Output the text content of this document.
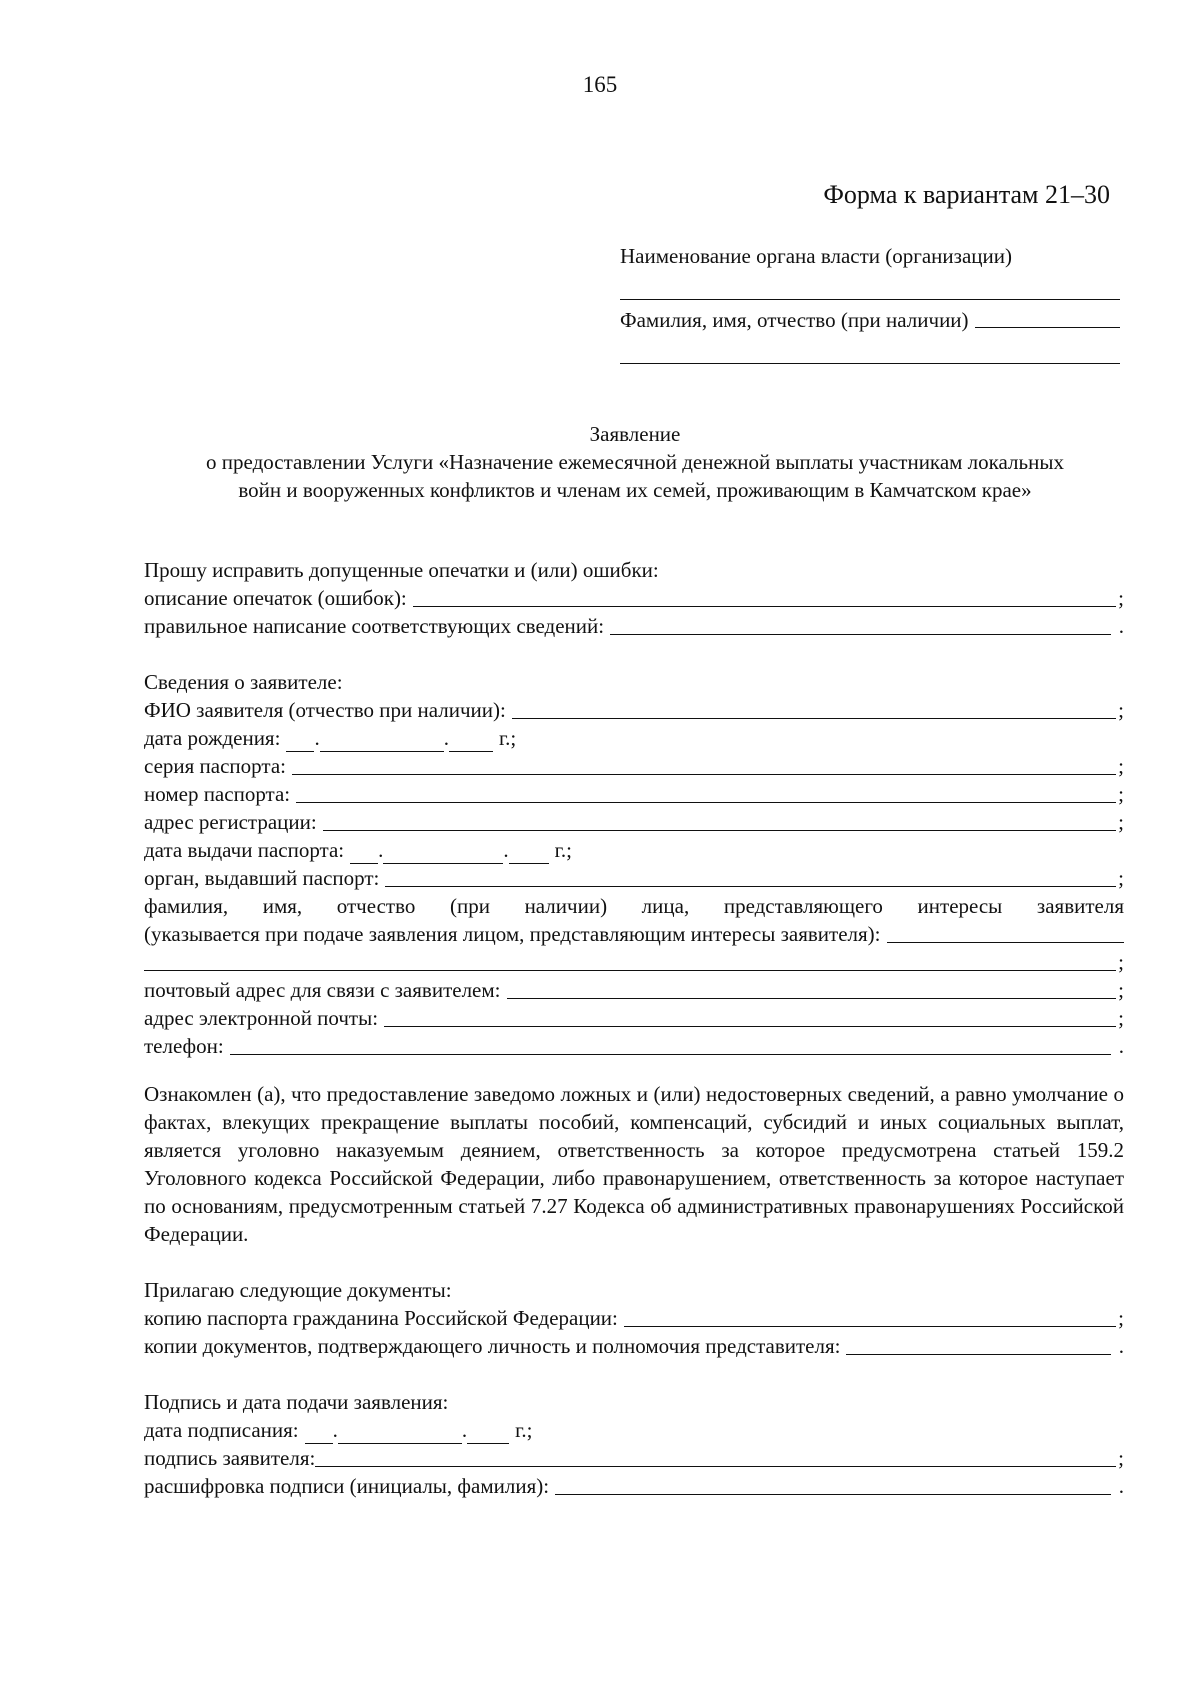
165
Форма к вариантам 21–30
Наименование органа власти (организации)
Фамилия, имя, отчество (при наличии)
Заявление
о предоставлении Услуги «Назначение ежемесячной денежной выплаты участникам локальных войн и вооруженных конфликтов и членам их семей, проживающим в Камчатском крае»
Прошу исправить допущенные опечатки и (или) ошибки:
описание опечаток (ошибок):	;
правильное написание соответствующих сведений:	.
Сведения о заявителе:
ФИО заявителя (отчество при наличии):	;
дата рождения: .	. г.;
серия паспорта:	;
номер паспорта:	;
адрес регистрации:	;
дата выдачи паспорта: .	. г.;
орган, выдавший паспорт:	;
фамилия, имя, отчество (при наличии) лица, представляющего интересы заявителя
(указывается при подаче заявления лицом, представляющим интересы заявителя):
;
почтовый адрес для связи с заявителем:	;
адрес электронной почты:	;
телефон:	.
Ознакомлен (а), что предоставление заведомо ложных и (или) недостоверных сведений, а равно умолчание о фактах, влекущих прекращение выплаты пособий, компенсаций, субсидий и иных социальных выплат, является уголовно наказуемым деянием, ответственность за которое предусмотрена статьей 159.2 Уголовного кодекса Российской Федерации, либо правонарушением, ответственность за которое наступает по основаниям, предусмотренным статьей 7.27 Кодекса об административных правонарушениях Российской Федерации.
Прилагаю следующие документы:
копию паспорта гражданина Российской Федерации:	;
копии документов, подтверждающего личность и полномочия представителя:	.
Подпись и дата подачи заявления:
дата подписания: .	. г.;
подпись заявителя:	;
расшифровка подписи (инициалы, фамилия):	.
